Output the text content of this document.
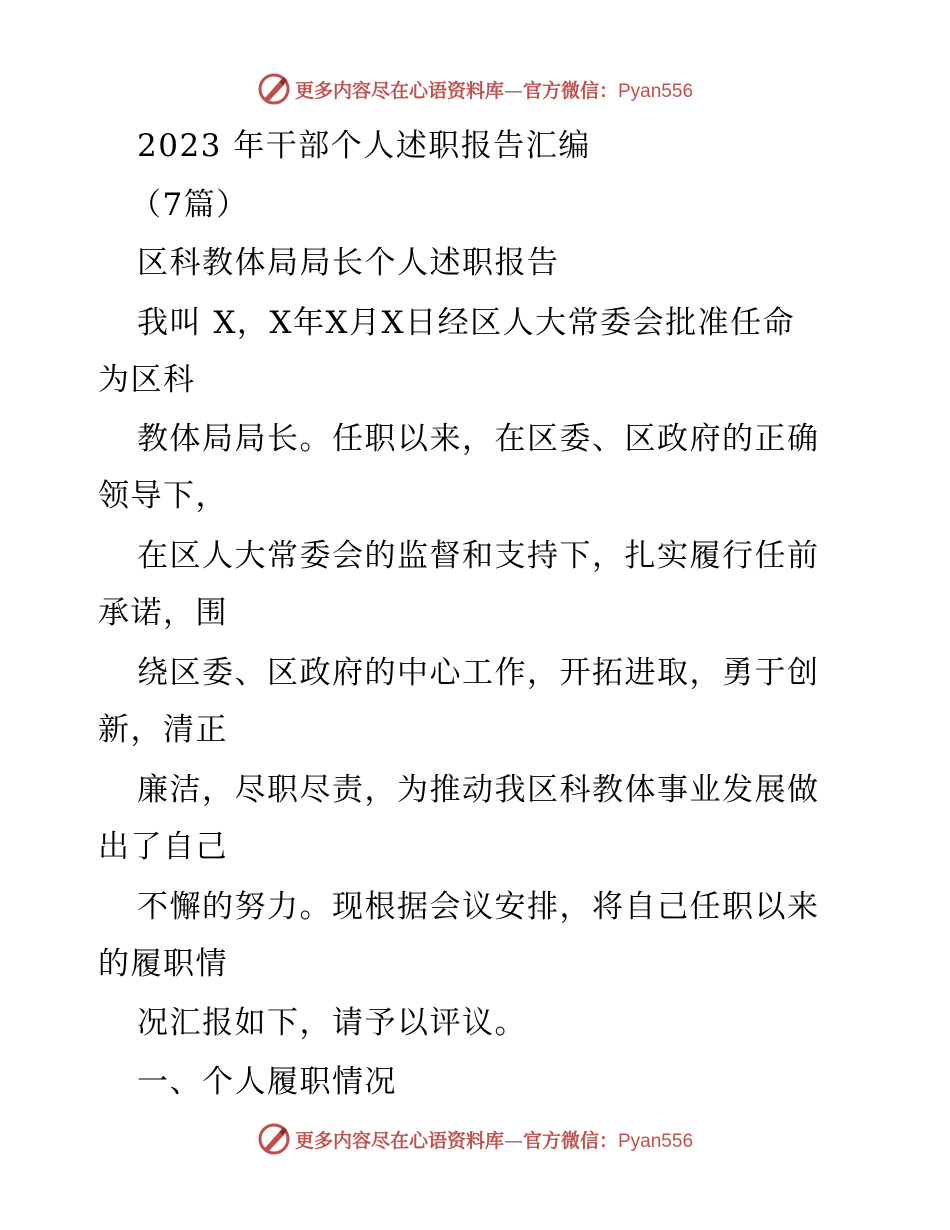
更多内容尽在心语资料库—官方微信：Pyan556
2023 年干部个人述职报告汇编
（7篇）
区科教体局局长个人述职报告
我叫 X，X年X月X日经区人大常委会批准任命
为区科
教体局局长。任职以来，在区委、区政府的正确
领导下，
在区人大常委会的监督和支持下，扎实履行任前
承诺，围
绕区委、区政府的中心工作，开拓进取，勇于创
新，清正
廉洁，尽职尽责，为推动我区科教体事业发展做
出了自己
不懈的努力。现根据会议安排，将自己任职以来
的履职情
况汇报如下，请予以评议。
一、个人履职情况
更多内容尽在心语资料库—官方微信：Pyan556
